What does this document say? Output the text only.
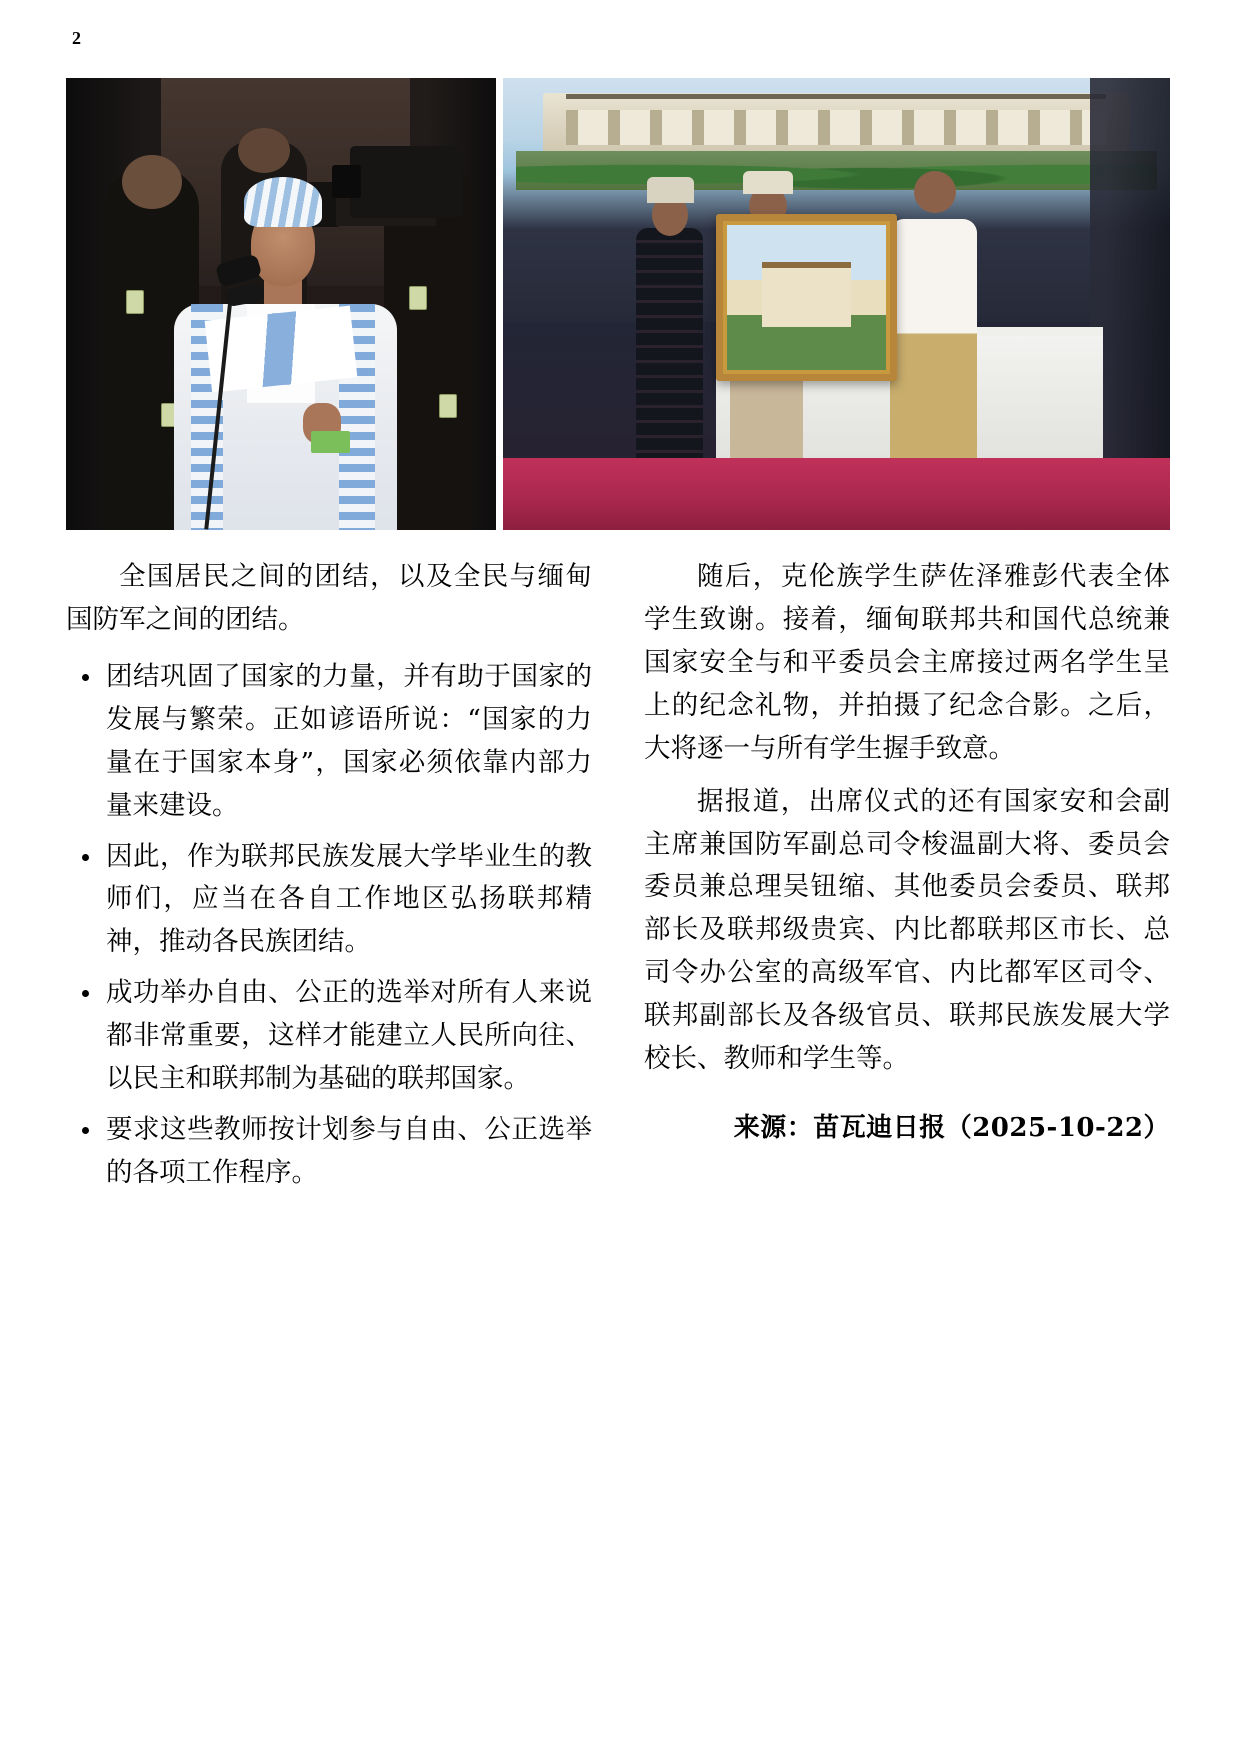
2

全国居民之间的团结，以及全民与缅甸国防军之间的团结。

团结巩固了国家的力量，并有助于国家的发展与繁荣。正如谚语所说：“国家的力量在于国家本身”，国家必须依靠内部力量来建设。
因此，作为联邦民族发展大学毕业生的教师们，应当在各自工作地区弘扬联邦精神，推动各民族团结。
成功举办自由、公正的选举对所有人来说都非常重要，这样才能建立人民所向往、以民主和联邦制为基础的联邦国家。
要求这些教师按计划参与自由、公正选举的各项工作程序。

随后，克伦族学生萨佐泽雅彭代表全体学生致谢。接着，缅甸联邦共和国代总统兼国家安全与和平委员会主席接过两名学生呈上的纪念礼物，并拍摄了纪念合影。之后，大将逐一与所有学生握手致意。

据报道，出席仪式的还有国家安和会副主席兼国防军副总司令梭温副大将、委员会委员兼总理吴钮缩、其他委员会委员、联邦部长及联邦级贵宾、内比都联邦区市长、总司令办公室的高级军官、内比都军区司令、联邦副部长及各级官员、联邦民族发展大学校长、教师和学生等。

来源：苗瓦迪日报（2025-10-22）
